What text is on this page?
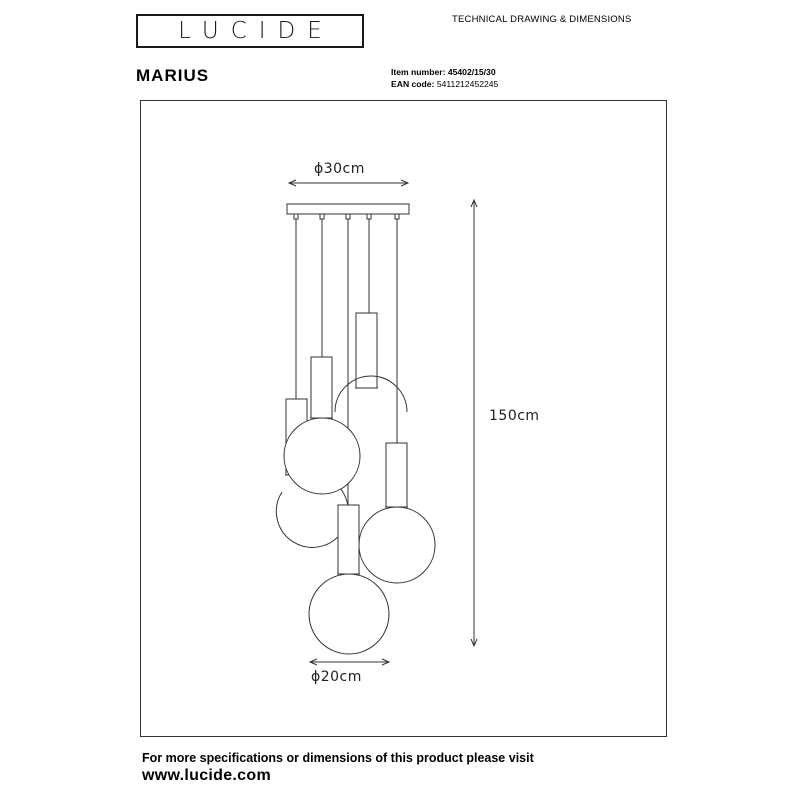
LUCIDE	TECHNICAL DRAWING & DIMENSIONS
MARIUS	Item number: 45402/15/30
EAN code: 5411212452245
ϕ30cm
150cm
ϕ20cm
For more specifications or dimensions of this product please visit
www.lucide.com
